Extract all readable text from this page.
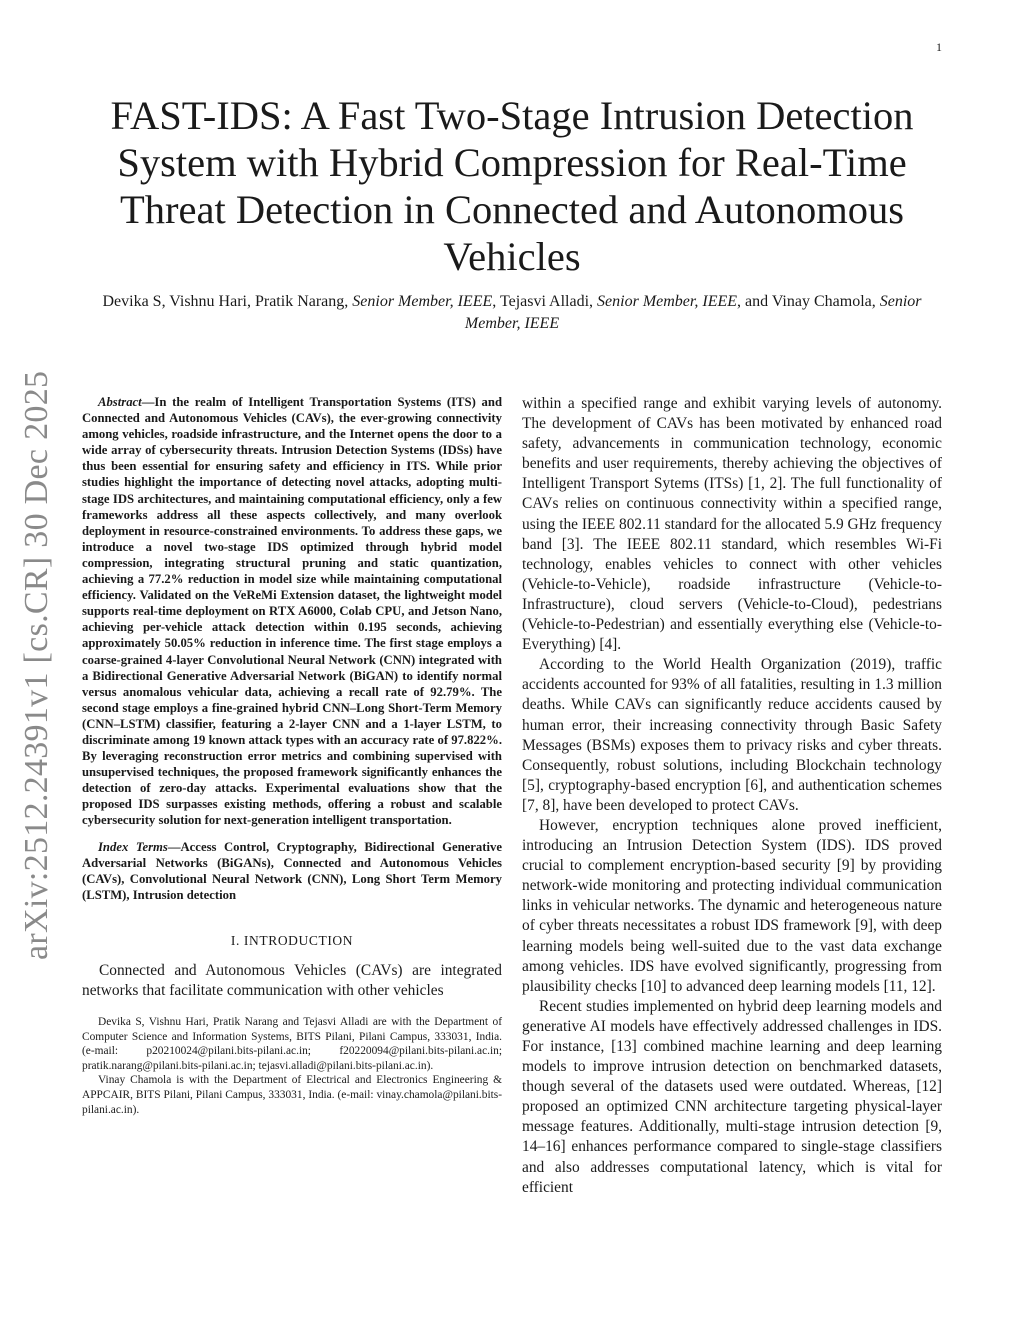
1
FAST-IDS: A Fast Two-Stage Intrusion Detection System with Hybrid Compression for Real-Time Threat Detection in Connected and Autonomous Vehicles
Devika S, Vishnu Hari, Pratik Narang, Senior Member, IEEE, Tejasvi Alladi, Senior Member, IEEE, and Vinay Chamola, Senior Member, IEEE
arXiv:2512.24391v1 [cs.CR] 30 Dec 2025	Abstract—In the realm of Intelligent Transportation Systems (ITS) and Connected and Autonomous Vehicles (CAVs), the ever-growing connectivity among vehicles, roadside infrastructure, and the Internet opens the door to a wide array of cybersecurity threats. Intrusion Detection Systems (IDSs) have thus been essential for ensuring safety and efficiency in ITS. While prior studies highlight the importance of detecting novel attacks, adopting multi-stage IDS architectures, and maintaining computational efficiency, only a few frameworks address all these aspects collectively, and many overlook deployment in resource-constrained environments. To address these gaps, we introduce a novel two-stage IDS optimized through hybrid model compression, integrating structural pruning and static quantization, achieving a 77.2% reduction in model size while maintaining computational efficiency. Validated on the VeReMi Extension dataset, the lightweight model supports real-time deployment on RTX A6000, Colab CPU, and Jetson Nano, achieving per-vehicle attack detection within 0.195 seconds, achieving approximately 50.05% reduction in inference time. The first stage employs a coarse-grained 4-layer Convolutional Neural Network (CNN) integrated with a Bidirectional Generative Adversarial Network (BiGAN) to identify normal versus anomalous vehicular data, achieving a recall rate of 92.79%. The second stage employs a fine-grained hybrid CNN–Long Short-Term Memory (CNN–LSTM) classifier, featuring a 2-layer CNN and a 1-layer LSTM, to discriminate among 19 known attack types with an accuracy rate of 97.822%. By leveraging reconstruction error metrics and combining supervised with unsupervised techniques, the proposed framework significantly enhances the detection of zero-day attacks. Experimental evaluations show that the proposed IDS surpasses existing methods, offering a robust and scalable cybersecurity solution for next-generation intelligent transportation.

Index Terms—Access Control, Cryptography, Bidirectional Generative Adversarial Networks (BiGANs), Connected and Autonomous Vehicles (CAVs), Convolutional Neural Network (CNN), Long Short Term Memory (LSTM), Intrusion detection

I. INTRODUCTION

Connected and Autonomous Vehicles (CAVs) are integrated networks that facilitate communication with other vehicles

Devika S, Vishnu Hari, Pratik Narang and Tejasvi Alladi are with the Department of Computer Science and Information Systems, BITS Pilani, Pilani Campus, 333031, India. (e-mail: p20210024@pilani.bits-pilani.ac.in; f20220094@pilani.bits-pilani.ac.in; pratik.narang@pilani.bits-pilani.ac.in; tejasvi.alladi@pilani.bits-pilani.ac.in).

Vinay Chamola is with the Department of Electrical and Electronics Engineering & APPCAIR, BITS Pilani, Pilani Campus, 333031, India. (e-mail: vinay.chamola@pilani.bits-pilani.ac.in).

within a specified range and exhibit varying levels of autonomy. The development of CAVs has been motivated by enhanced road safety, advancements in communication technology, economic benefits and user requirements, thereby achieving the objectives of Intelligent Transport Sytems (ITSs) [1, 2]. The full functionality of CAVs relies on continuous connectivity within a specified range, using the IEEE 802.11 standard for the allocated 5.9 GHz frequency band [3]. The IEEE 802.11 standard, which resembles Wi-Fi technology, enables vehicles to connect with other vehicles (Vehicle-to-Vehicle), roadside infrastructure (Vehicle-to-Infrastructure), cloud servers (Vehicle-to-Cloud), pedestrians (Vehicle-to-Pedestrian) and essentially everything else (Vehicle-to-Everything) [4].

According to the World Health Organization (2019), traffic accidents accounted for 93% of all fatalities, resulting in 1.3 million deaths. While CAVs can significantly reduce accidents caused by human error, their increasing connectivity through Basic Safety Messages (BSMs) exposes them to privacy risks and cyber threats. Consequently, robust solutions, including Blockchain technology [5], cryptography-based encryption [6], and authentication schemes [7, 8], have been developed to protect CAVs.

However, encryption techniques alone proved inefficient, introducing an Intrusion Detection System (IDS). IDS proved crucial to complement encryption-based security [9] by providing network-wide monitoring and protecting individual communication links in vehicular networks. The dynamic and heterogeneous nature of cyber threats necessitates a robust IDS framework [9], with deep learning models being well-suited due to the vast data exchange among vehicles. IDS have evolved significantly, progressing from plausibility checks [10] to advanced deep learning models [11, 12].

Recent studies implemented on hybrid deep learning models and generative AI models have effectively addressed challenges in IDS. For instance, [13] combined machine learning and deep learning models to improve intrusion detection on benchmarked datasets, though several of the datasets used were outdated. Whereas, [12] proposed an optimized CNN architecture targeting physical-layer message features. Additionally, multi-stage intrusion detection [9, 14–16] enhances performance compared to single-stage classifiers and also addresses computational latency, which is vital for efficient
